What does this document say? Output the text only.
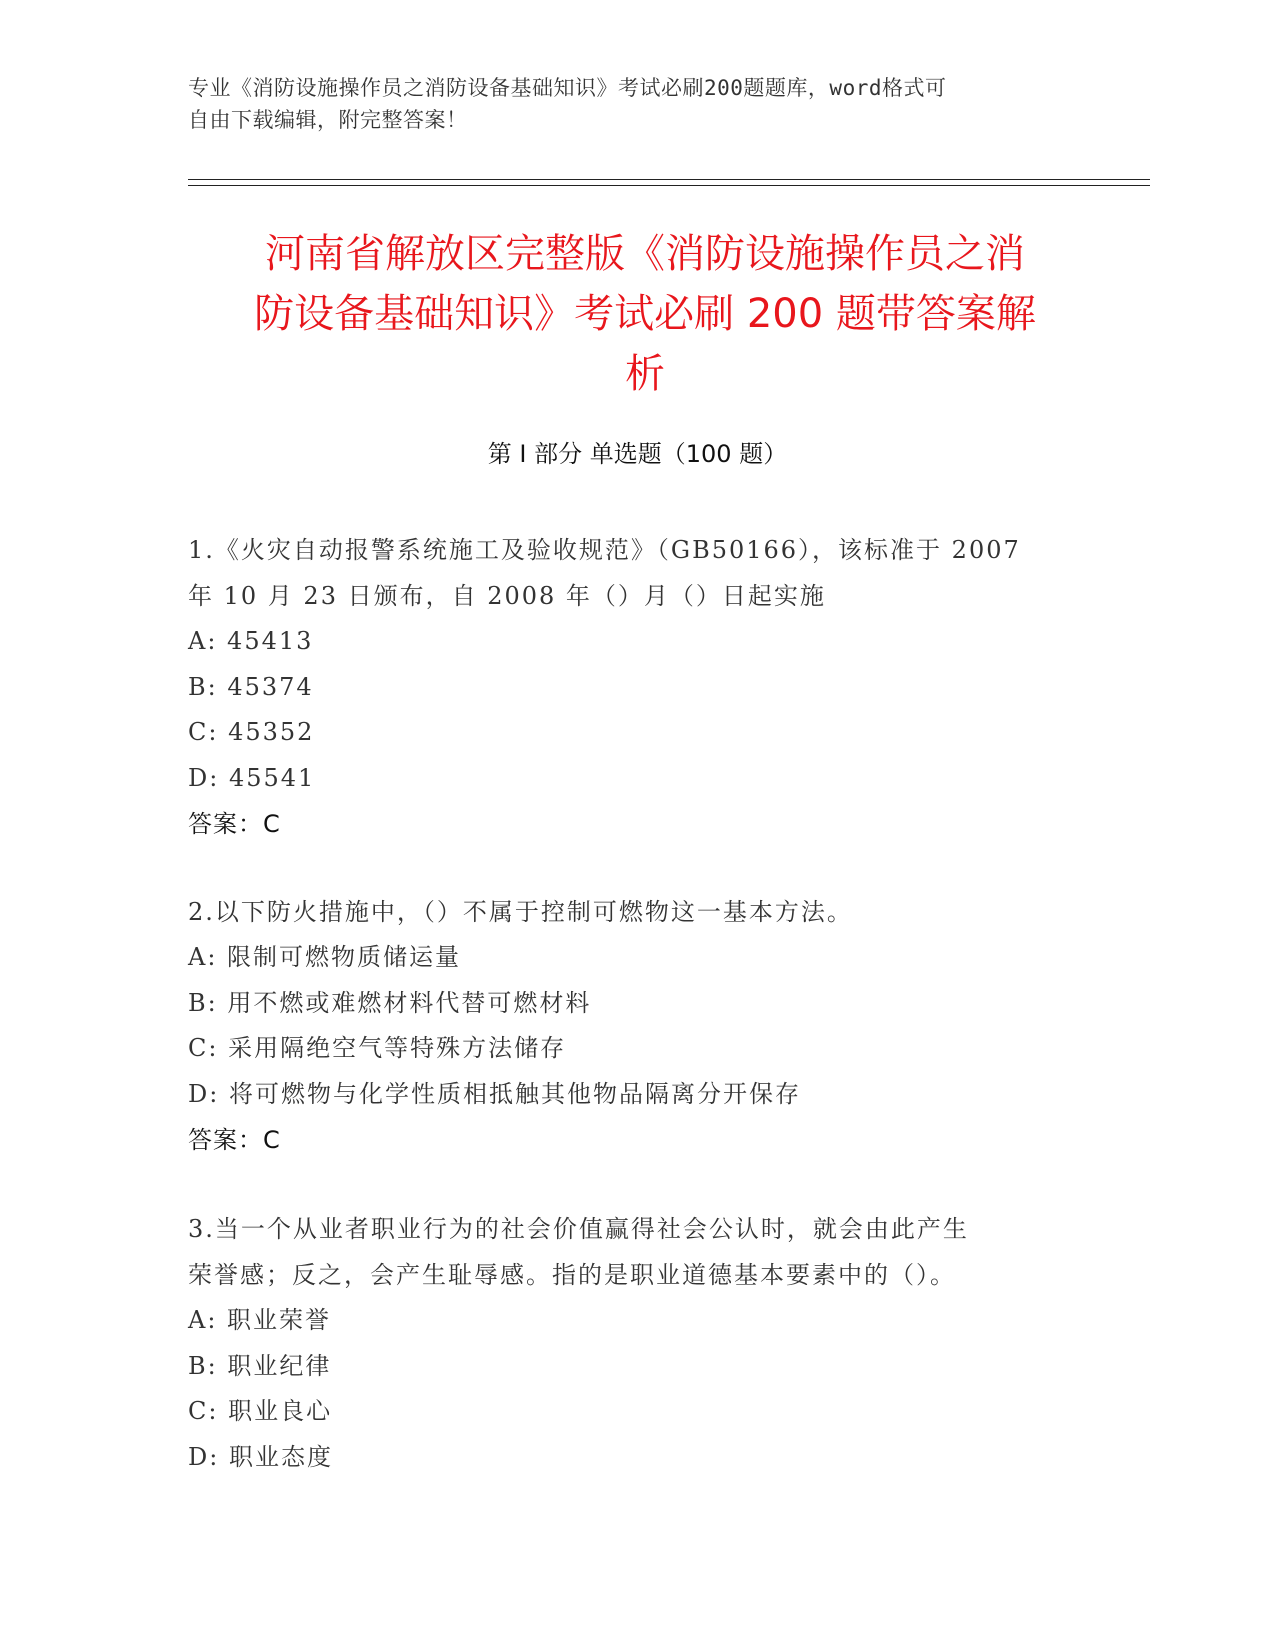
专业《消防设施操作员之消防设备基础知识》考试必刷200题题库，word格式可
自由下载编辑，附完整答案！
河南省解放区完整版《消防设施操作员之消
防设备基础知识》考试必刷 200 题带答案解
析
第 I 部分 单选题（100 题）

1.《火灾自动报警系统施工及验收规范》（GB50166），该标准于 2007

年 10 月 23 日颁布，自 2008 年（）月（）日起实施

A: 45413

B: 45374

C: 45352

D: 45541

答案：C

2.以下防火措施中，（）不属于控制可燃物这一基本方法。

A: 限制可燃物质储运量

B: 用不燃或难燃材料代替可燃材料

C: 采用隔绝空气等特殊方法储存

D: 将可燃物与化学性质相抵触其他物品隔离分开保存

答案：C

3.当一个从业者职业行为的社会价值赢得社会公认时，就会由此产生

荣誉感；反之，会产生耻辱感。指的是职业道德基本要素中的（）。

A: 职业荣誉

B: 职业纪律

C: 职业良心

D: 职业态度
